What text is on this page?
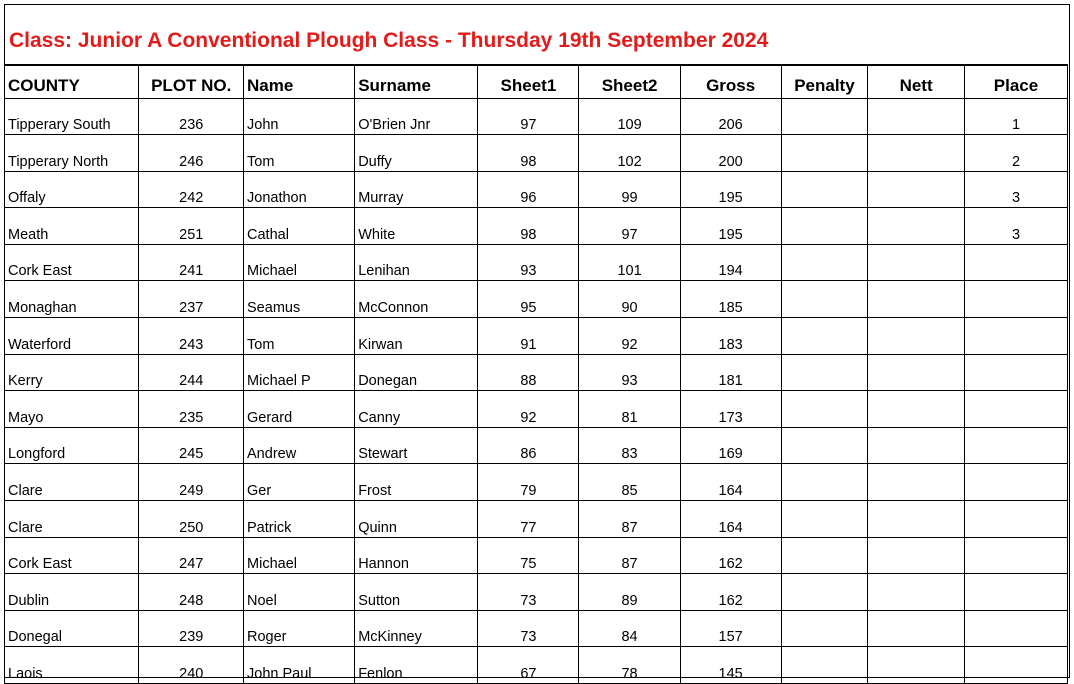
Class: Junior A Conventional Plough Class - Thursday 19th September 2024
COUNTY	PLOT NO.	Name	Surname	Sheet1	Sheet2	Gross	Penalty	Nett	Place
Tipperary South	236	John	O'Brien Jnr	97	109	206			1
Tipperary North	246	Tom	Duffy	98	102	200			2
Offaly	242	Jonathon	Murray	96	99	195			3
Meath	251	Cathal	White	98	97	195			3
Cork East	241	Michael	Lenihan	93	101	194			
Monaghan	237	Seamus	McConnon	95	90	185			
Waterford	243	Tom	Kirwan	91	92	183			
Kerry	244	Michael P	Donegan	88	93	181			
Mayo	235	Gerard	Canny	92	81	173			
Longford	245	Andrew	Stewart	86	83	169			
Clare	249	Ger	Frost	79	85	164			
Clare	250	Patrick	Quinn	77	87	164			
Cork East	247	Michael	Hannon	75	87	162			
Dublin	248	Noel	Sutton	73	89	162			
Donegal	239	Roger	McKinney	73	84	157			
Laois	240	John Paul	Fenlon	67	78	145			
